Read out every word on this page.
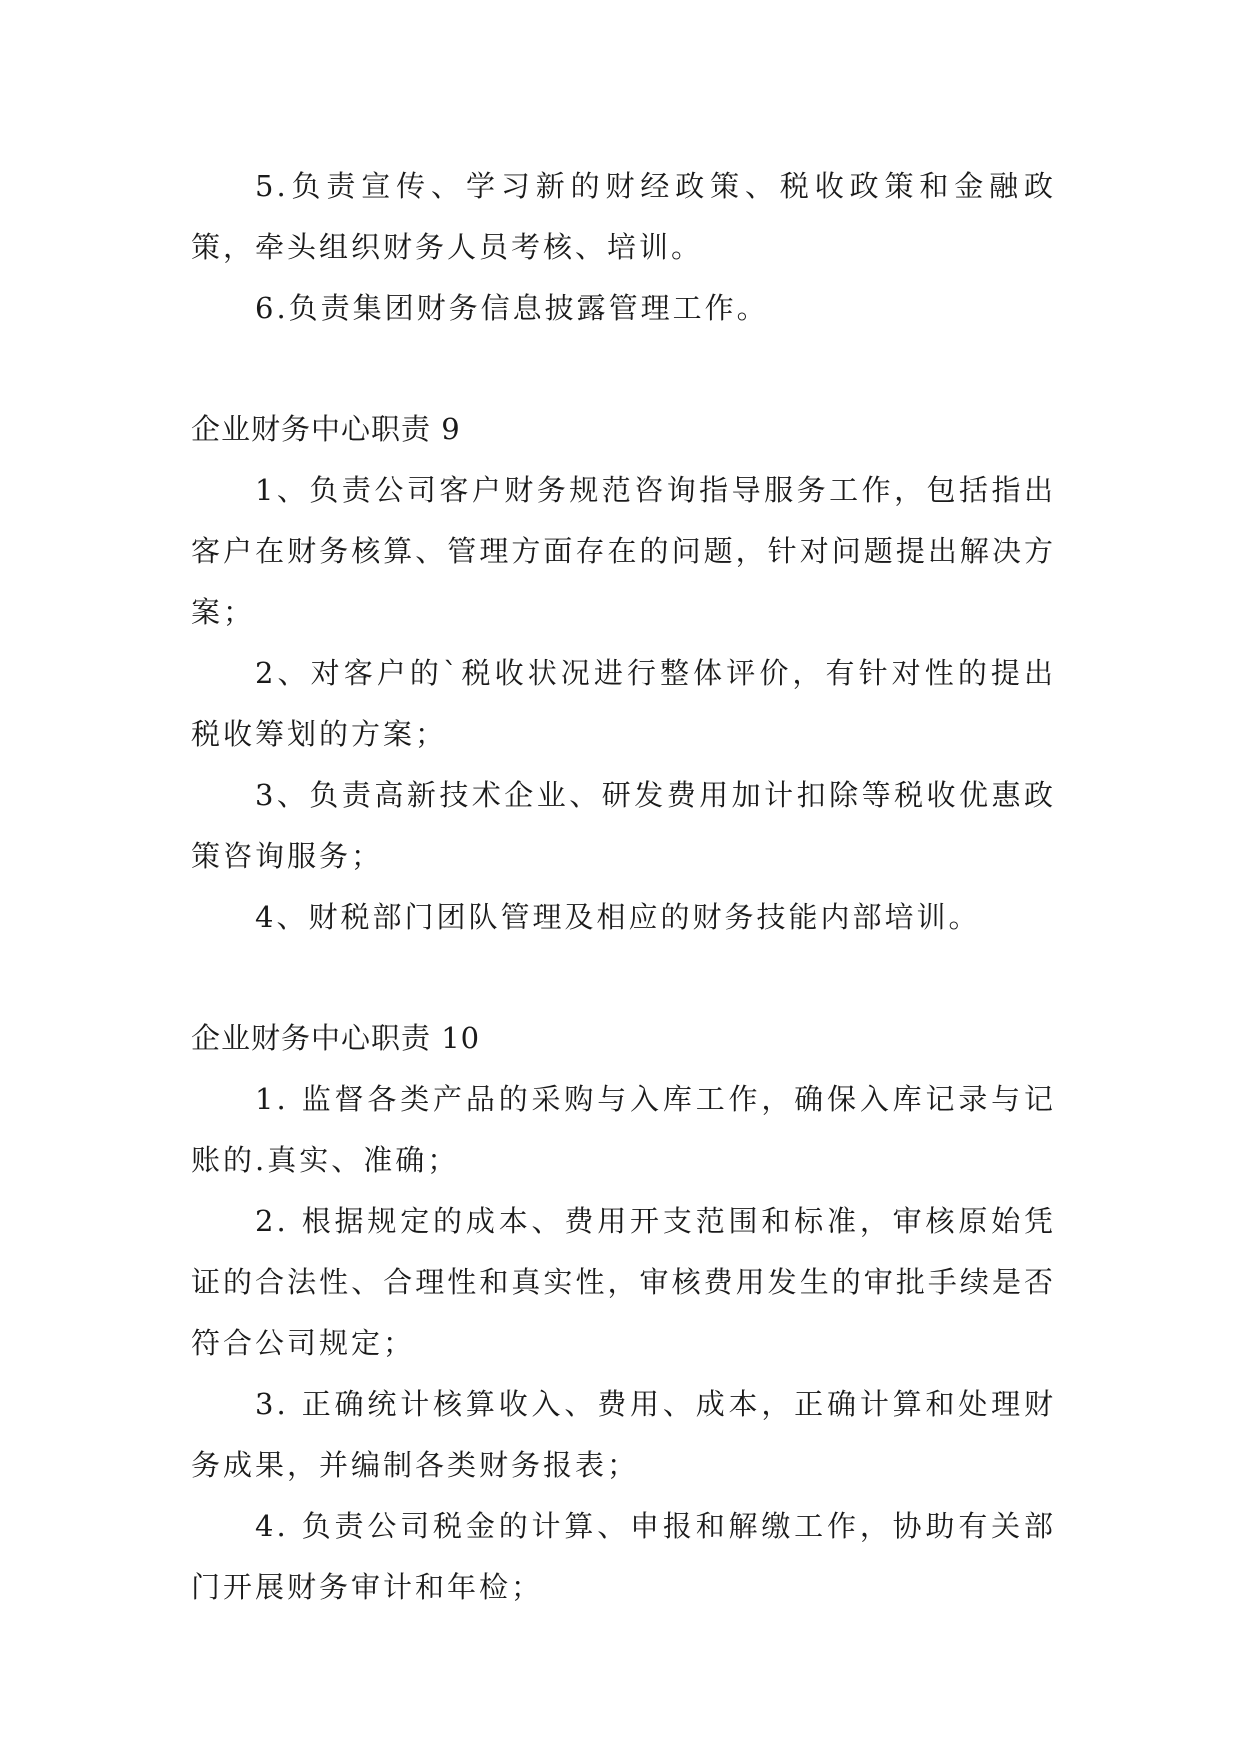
5.负责宣传、学习新的财经政策、税收政策和金融政策，牵头组织财务人员考核、培训。

6.负责集团财务信息披露管理工作。

企业财务中心职责 9

1、负责公司客户财务规范咨询指导服务工作，包括指出客户在财务核算、管理方面存在的问题，针对问题提出解决方案；

2、对客户的`税收状况进行整体评价，有针对性的提出税收筹划的方案；

3、负责高新技术企业、研发费用加计扣除等税收优惠政策咨询服务；

4、财税部门团队管理及相应的财务技能内部培训。

企业财务中心职责 10

1. 监督各类产品的采购与入库工作，确保入库记录与记账的.真实、准确；

2. 根据规定的成本、费用开支范围和标准，审核原始凭证的合法性、合理性和真实性，审核费用发生的审批手续是否符合公司规定；

3. 正确统计核算收入、费用、成本，正确计算和处理财务成果，并编制各类财务报表；

4. 负责公司税金的计算、申报和解缴工作，协助有关部门开展财务审计和年检；
